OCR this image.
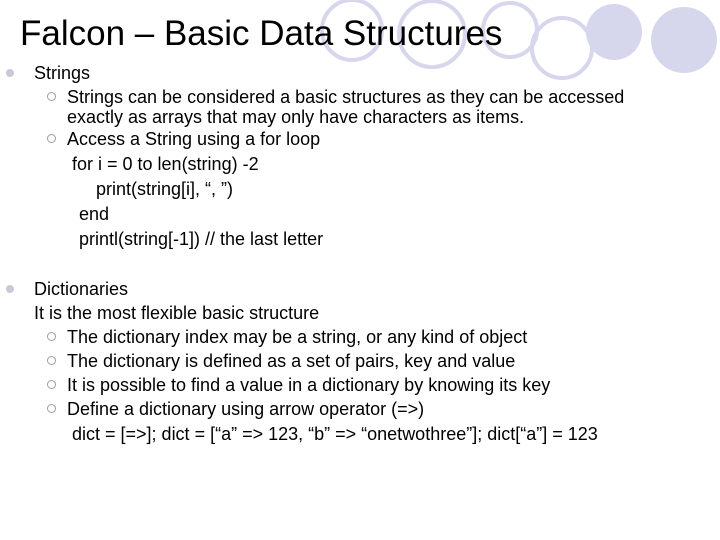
Falcon – Basic Data Structures
Strings
Strings can be considered a basic structures as they can be accessed
exactly as arrays that may only have characters as items.
Access a String using a for loop
for i = 0 to len(string) -2
print(string[i], “, ”)
end
printl(string[-1]) // the last letter
Dictionaries
It is the most flexible basic structure
The dictionary index may be a string, or any kind of object
The dictionary is defined as a set of pairs, key and value
It is possible to find a value in a dictionary by knowing its key
Define a dictionary using arrow operator (=>)
dict = [=>]; dict = [“a” => 123, “b” => “onetwothree”]; dict[“a”] = 123
